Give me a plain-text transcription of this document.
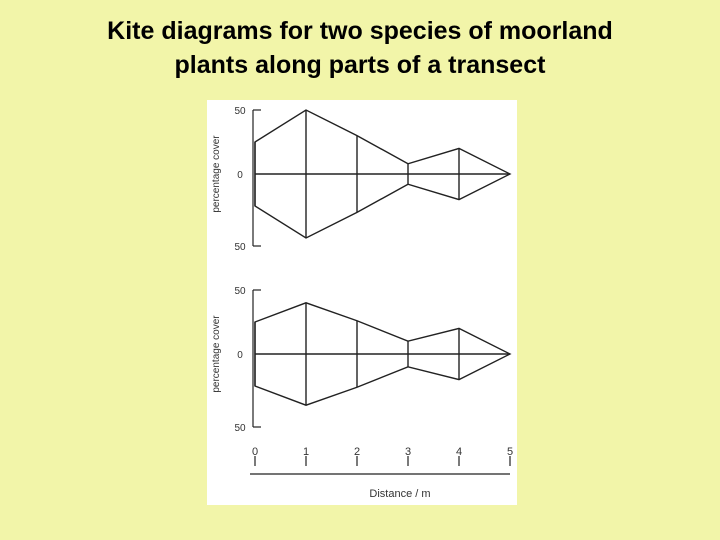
Kite diagrams for two species of moorland
plants along parts of a transect
50
0
50
percentage cover
50
0
50
percentage cover
0	1	2	3	4	5
Distance / m
